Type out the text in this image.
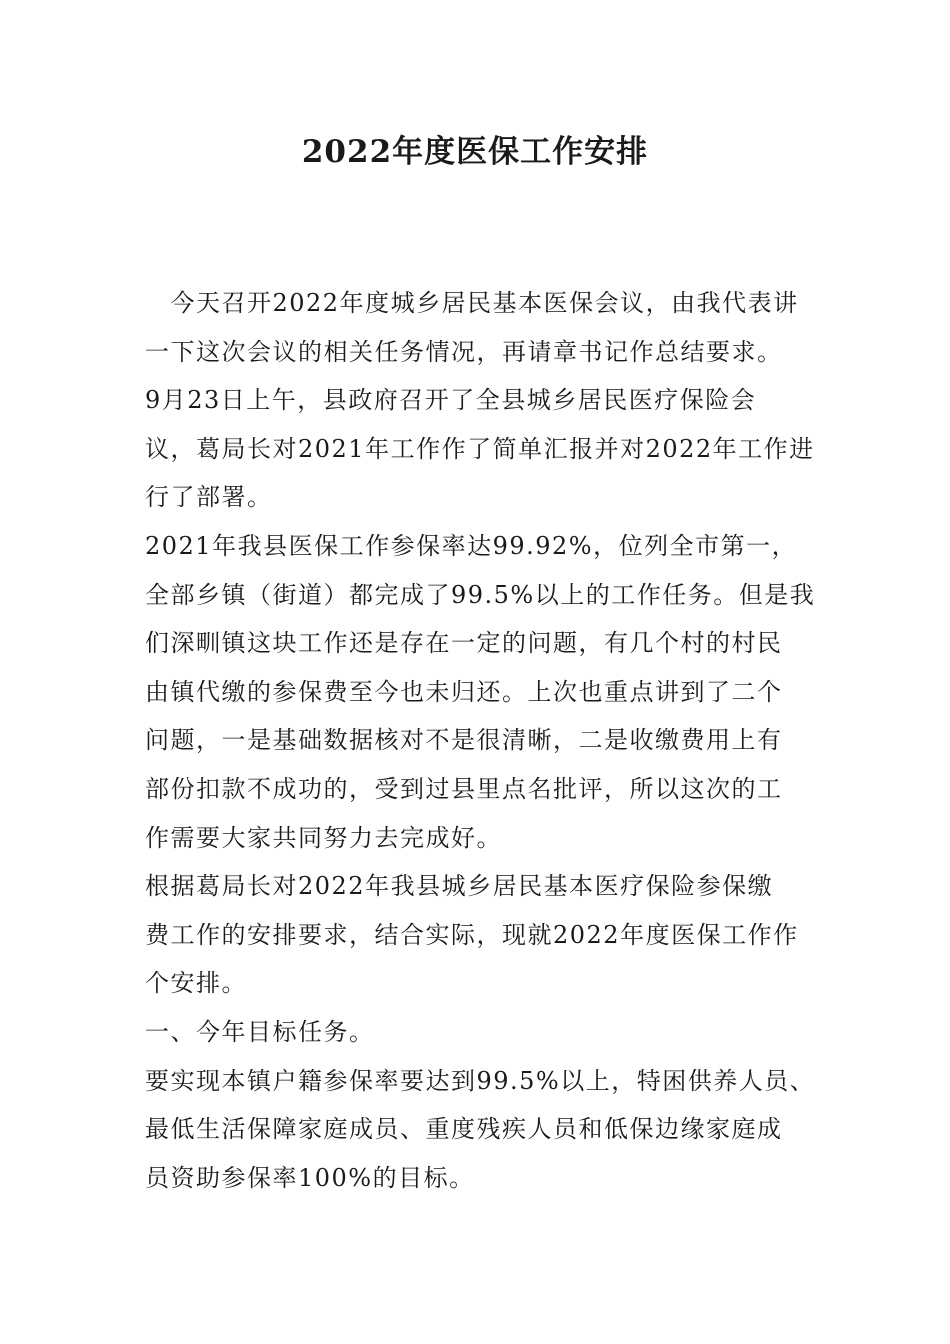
2022年度医保工作安排

　今天召开2022年度城乡居民基本医保会议，由我代表讲
一下这次会议的相关任务情况，再请章书记作总结要求。

9月23日上午，县政府召开了全县城乡居民医疗保险会
议，葛局长对2021年工作作了简单汇报并对2022年工作进
行了部署。

2021年我县医保工作参保率达99.92%，位列全市第一，
全部乡镇（街道）都完成了99.5%以上的工作任务。但是我
们深甽镇这块工作还是存在一定的问题，有几个村的村民
由镇代缴的参保费至今也未归还。上次也重点讲到了二个
问题，一是基础数据核对不是很清晰，二是收缴费用上有
部份扣款不成功的，受到过县里点名批评，所以这次的工
作需要大家共同努力去完成好。

根据葛局长对2022年我县城乡居民基本医疗保险参保缴
费工作的安排要求，结合实际，现就2022年度医保工作作
个安排。

一、今年目标任务。

要实现本镇户籍参保率要达到99.5%以上，特困供养人员、
最低生活保障家庭成员、重度残疾人员和低保边缘家庭成
员资助参保率100%的目标。
